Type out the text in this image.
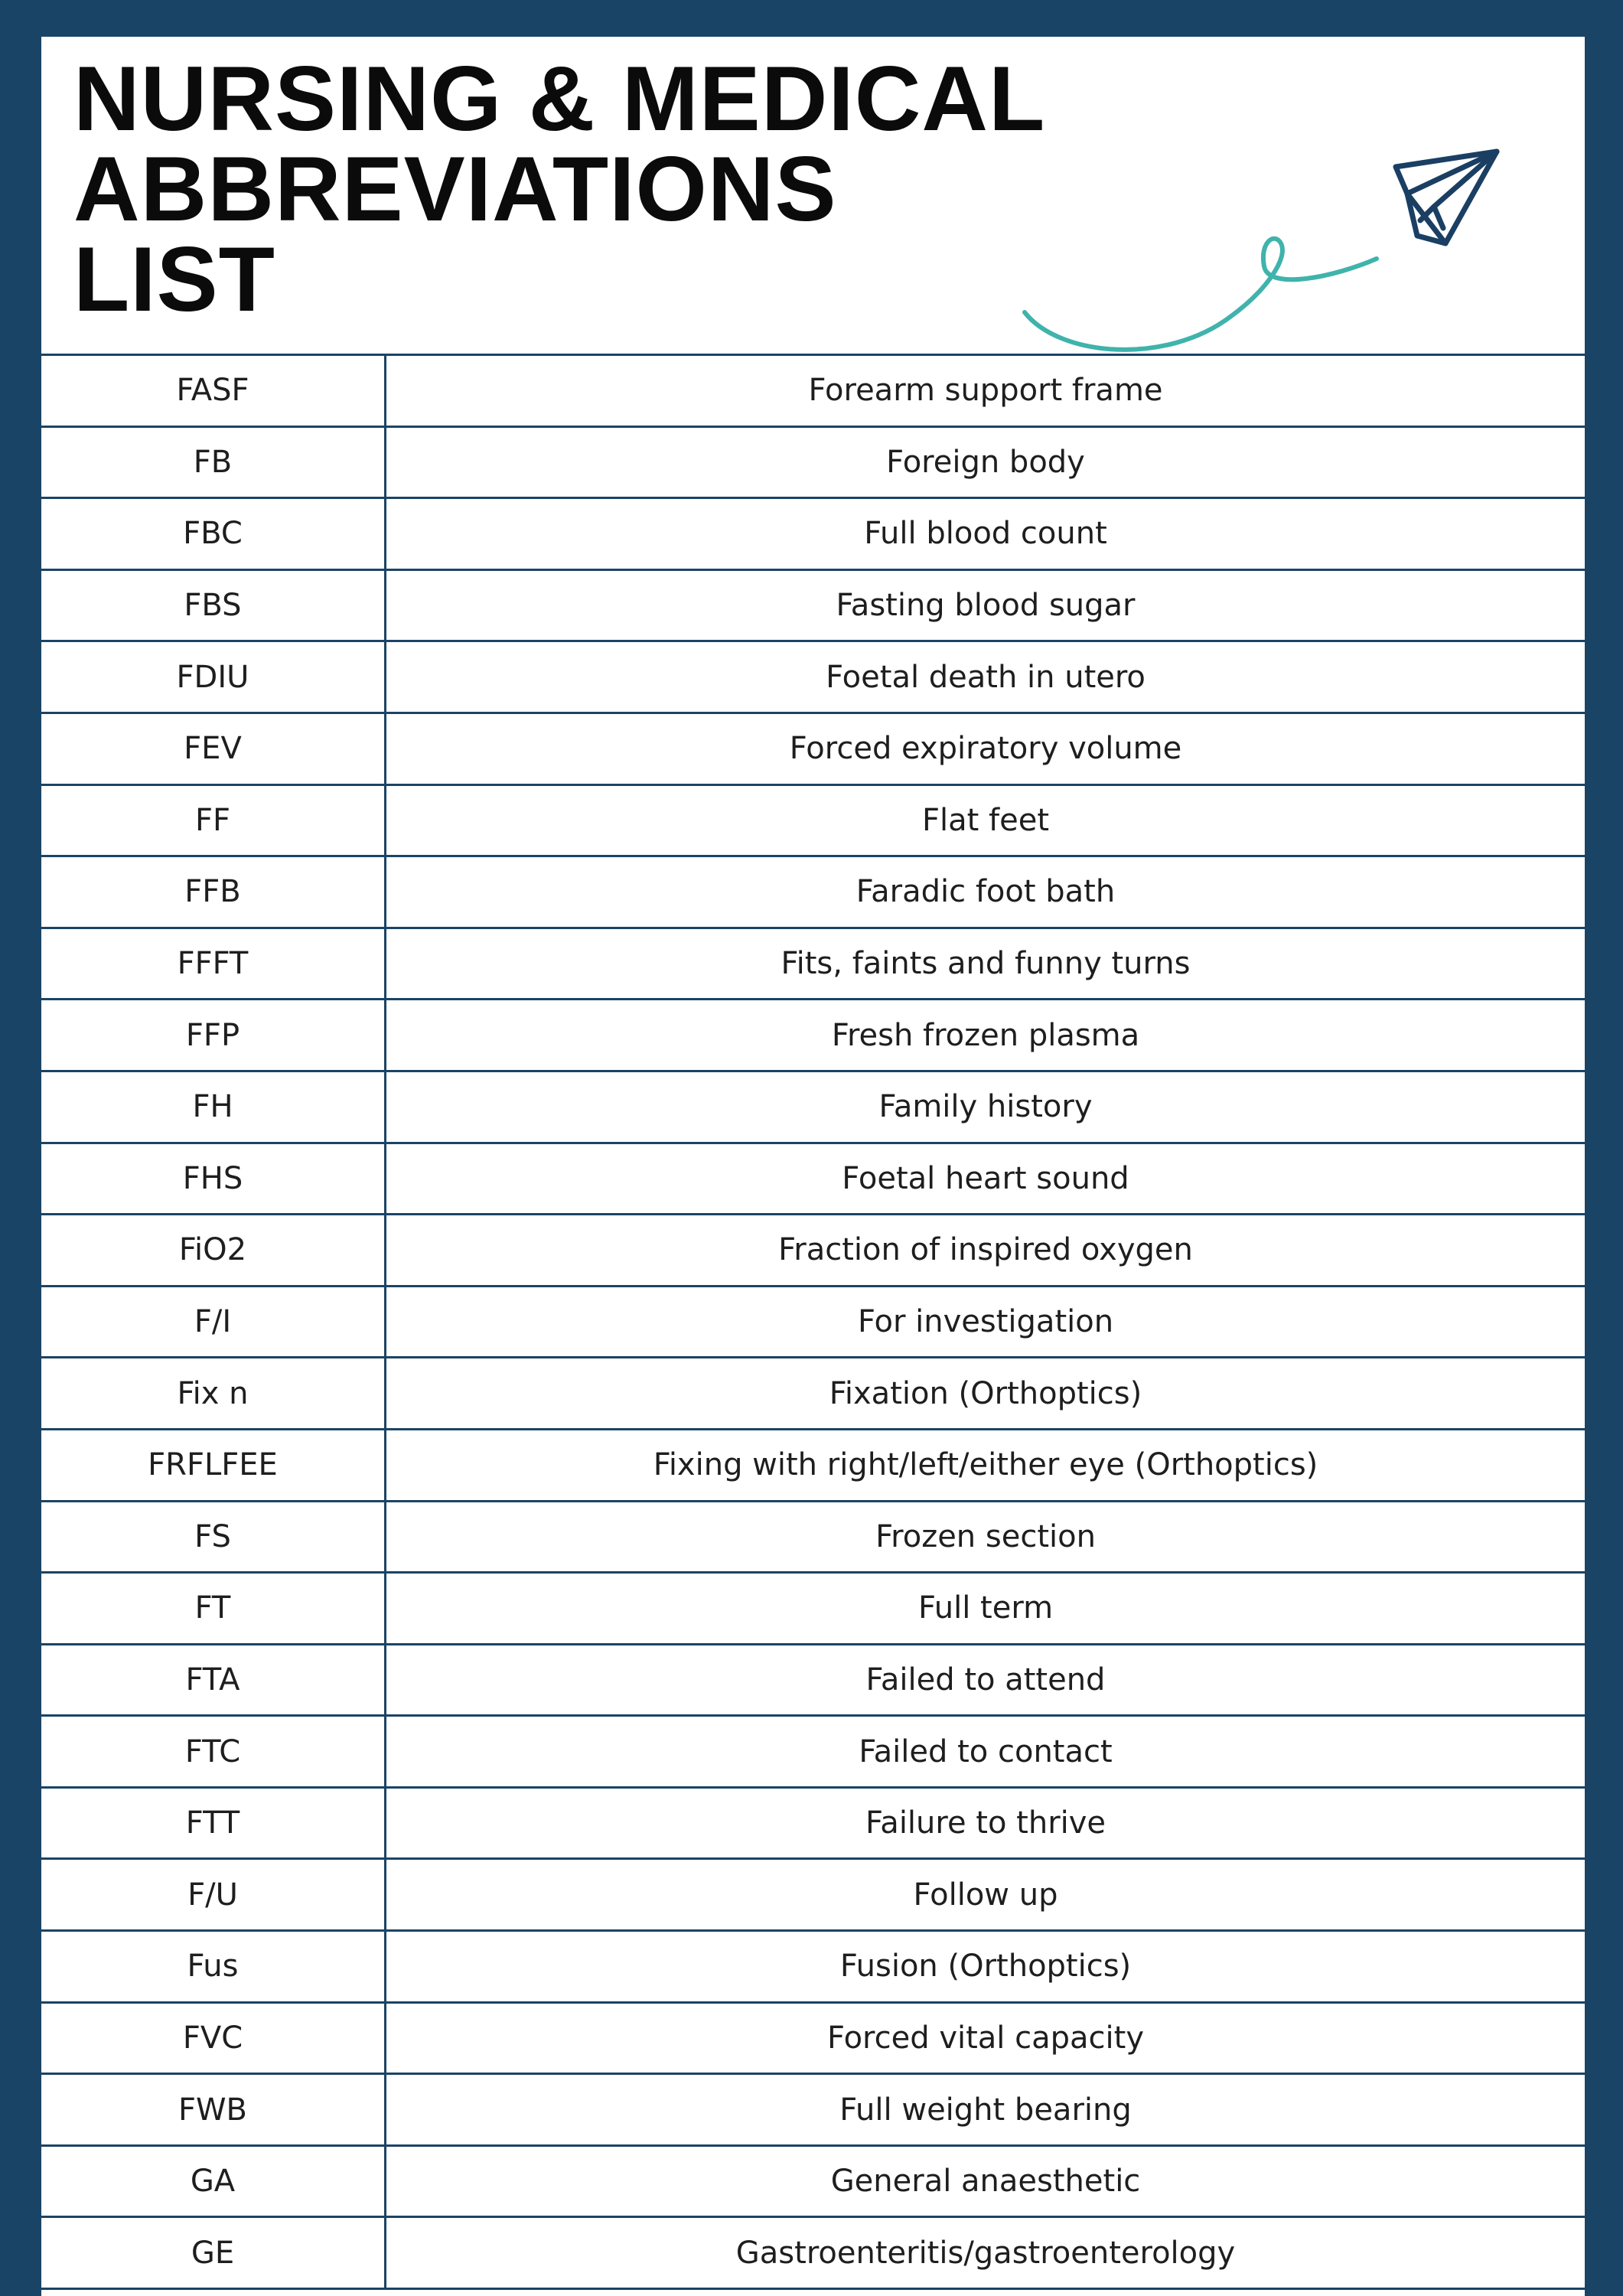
NURSING & MEDICAL
ABBREVIATIONS
LIST
FASF	Forearm support frame
FB	Foreign body
FBC	Full blood count
FBS	Fasting blood sugar
FDIU	Foetal death in utero
FEV	Forced expiratory volume
FF	Flat feet
FFB	Faradic foot bath
FFFT	Fits, faints and funny turns
FFP	Fresh frozen plasma
FH	Family history
FHS	Foetal heart sound
FiO2	Fraction of inspired oxygen
F/I	For investigation
Fix n	Fixation (Orthoptics)
FRFLFEE	Fixing with right/left/either eye (Orthoptics)
FS	Frozen section
FT	Full term
FTA	Failed to attend
FTC	Failed to contact
FTT	Failure to thrive
F/U	Follow up
Fus	Fusion (Orthoptics)
FVC	Forced vital capacity
FWB	Full weight bearing
GA	General anaesthetic
GE	Gastroenteritis/gastroenterology
